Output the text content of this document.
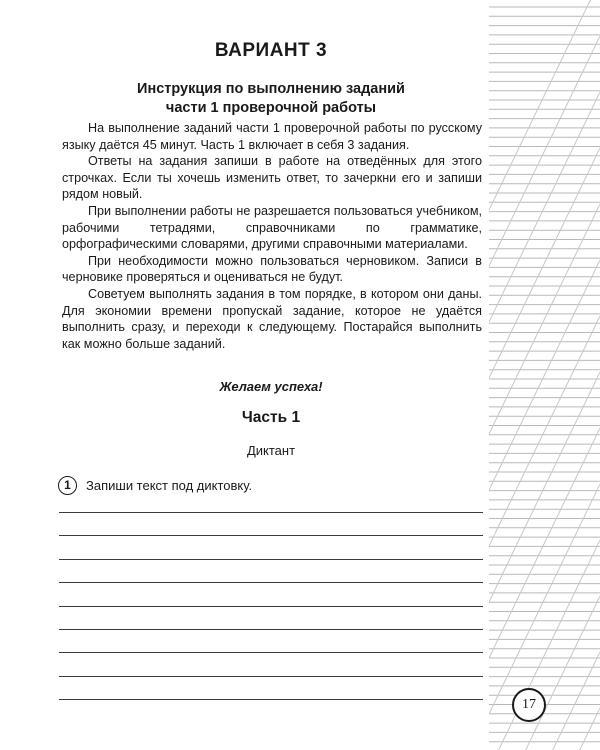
ВАРИАНТ 3
Инструкция по выполнению заданий
части 1 проверочной работы

На выполнение заданий части 1 проверочной работы по русскому языку даётся 45 минут. Часть 1 включает в себя 3 задания.

Ответы на задания запиши в работе на отведённых для этого строчках. Если ты хочешь изменить ответ, то зачеркни его и запиши рядом новый.

При выполнении работы не разрешается пользоваться учебником, рабочими тетрадями, справочниками по грамматике, орфографическими словарями, другими справочными материалами.

При необходимости можно пользоваться черновиком. Записи в черновике проверяться и оцениваться не будут.

Советуем выполнять задания в том порядке, в котором они даны. Для экономии времени пропускай задание, которое не удаётся выполнить сразу, и переходи к следующему. Постарайся выполнить как можно больше заданий.

Желаем успеха!
Часть 1
Диктант
1	Запиши текст под диктовку.
17
